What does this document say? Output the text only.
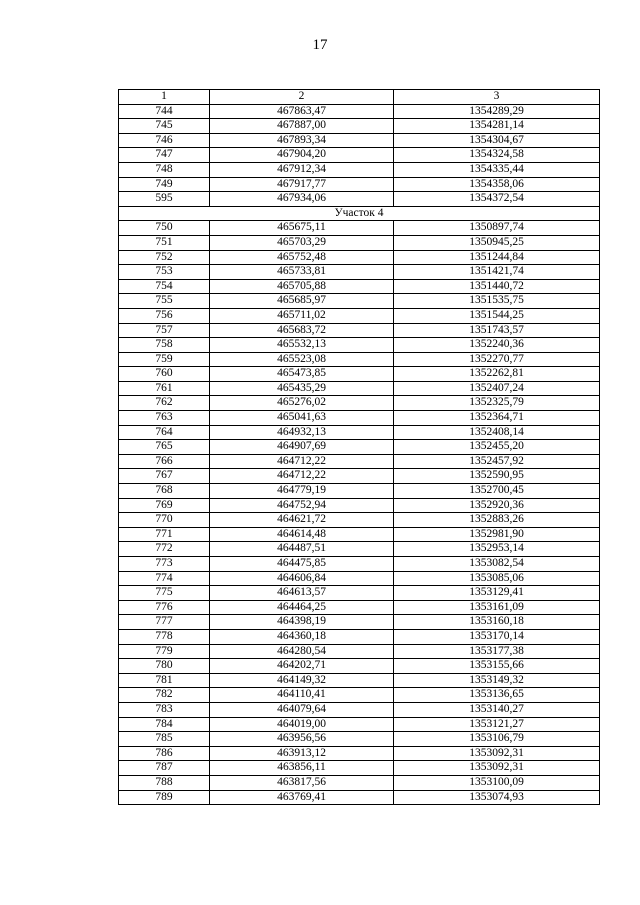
17
1	2	3
744	467863,47	1354289,29
745	467887,00	1354281,14
746	467893,34	1354304,67
747	467904,20	1354324,58
748	467912,34	1354335,44
749	467917,77	1354358,06
595	467934,06	1354372,54
Участок 4		
750	465675,11	1350897,74
751	465703,29	1350945,25
752	465752,48	1351244,84
753	465733,81	1351421,74
754	465705,88	1351440,72
755	465685,97	1351535,75
756	465711,02	1351544,25
757	465683,72	1351743,57
758	465532,13	1352240,36
759	465523,08	1352270,77
760	465473,85	1352262,81
761	465435,29	1352407,24
762	465276,02	1352325,79
763	465041,63	1352364,71
764	464932,13	1352408,14
765	464907,69	1352455,20
766	464712,22	1352457,92
767	464712,22	1352590,95
768	464779,19	1352700,45
769	464752,94	1352920,36
770	464621,72	1352883,26
771	464614,48	1352981,90
772	464487,51	1352953,14
773	464475,85	1353082,54
774	464606,84	1353085,06
775	464613,57	1353129,41
776	464464,25	1353161,09
777	464398,19	1353160,18
778	464360,18	1353170,14
779	464280,54	1353177,38
780	464202,71	1353155,66
781	464149,32	1353149,32
782	464110,41	1353136,65
783	464079,64	1353140,27
784	464019,00	1353121,27
785	463956,56	1353106,79
786	463913,12	1353092,31
787	463856,11	1353092,31
788	463817,56	1353100,09
789	463769,41	1353074,93
